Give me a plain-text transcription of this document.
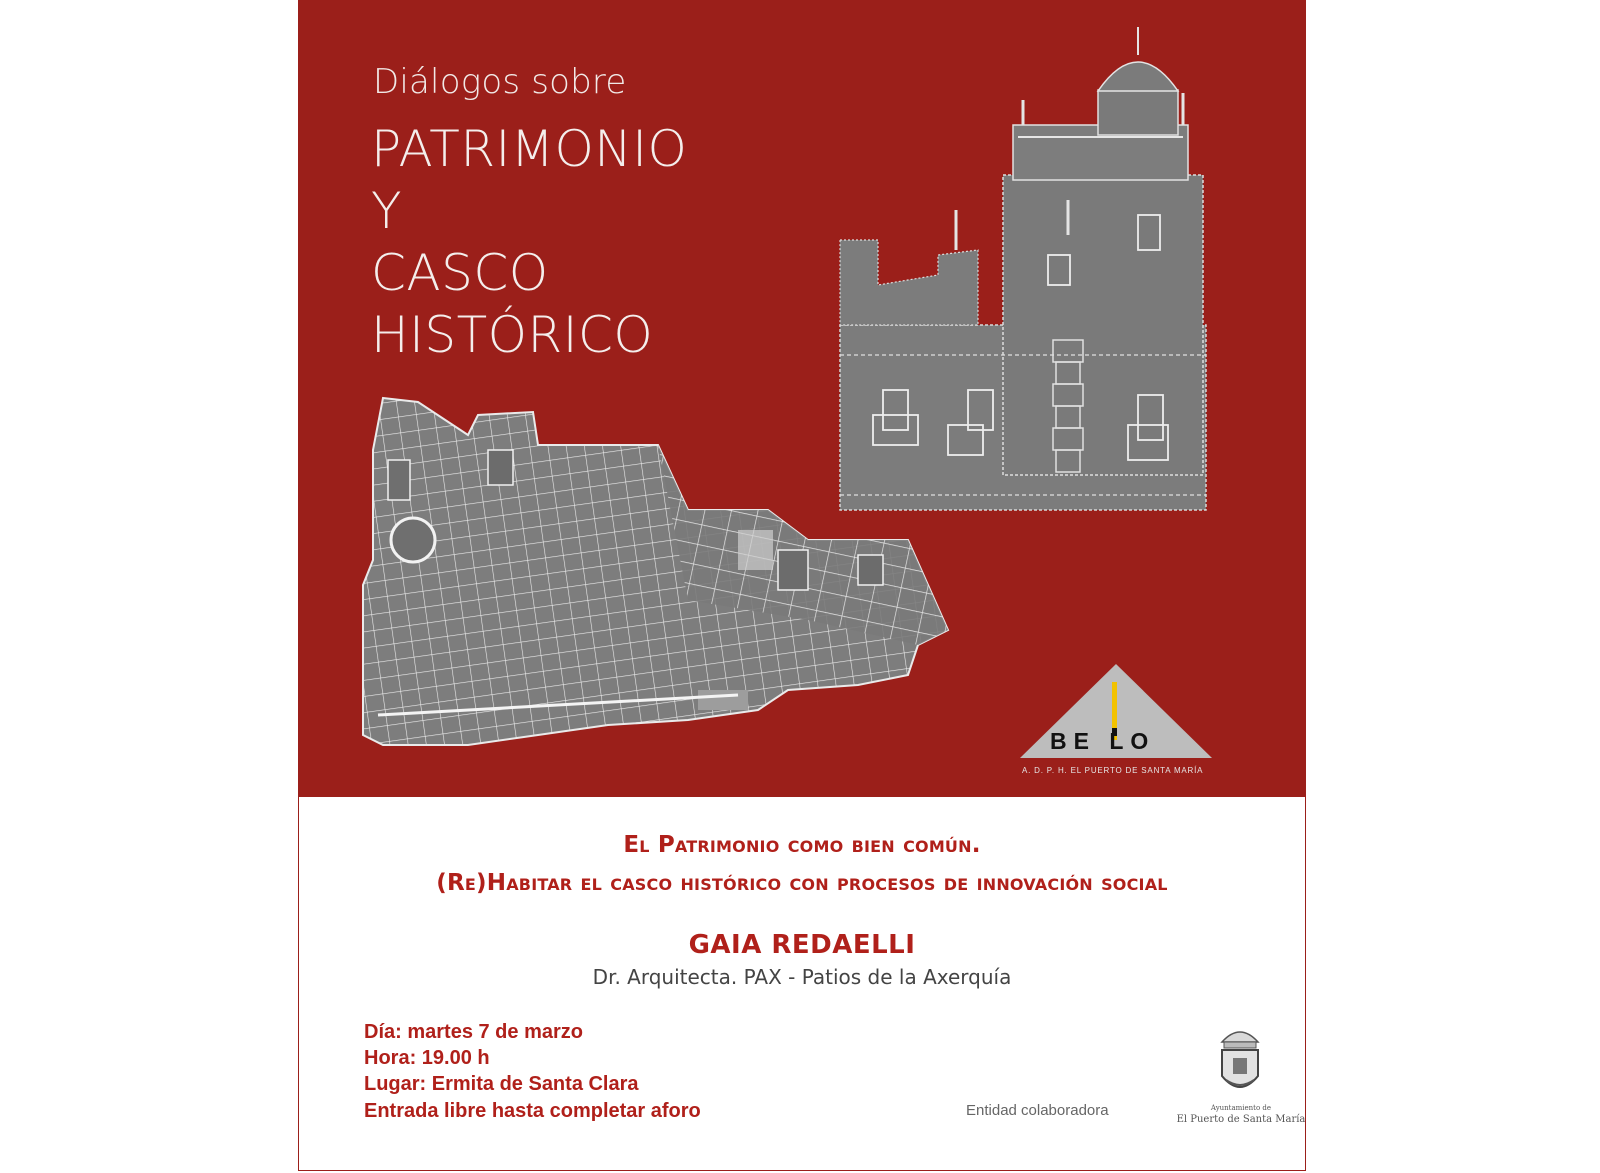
Diálogos sobre
PATRIMONIO
Y
CASCO
HISTÓRICO
BE LO
A. D. P. H. EL PUERTO DE SANTA MARÍA
El Patrimonio como bien común.
(Re)Habitar el casco histórico con procesos de innovación social
GAIA REDAELLI
Dr. Arquitecta. PAX - Patios de la Axerquía
Día: martes 7 de marzo
Hora: 19.00 h
Lugar: Ermita de Santa Clara
Entrada libre hasta completar aforo	Entidad colaboradora	Ayuntamiento de
El Puerto de Santa María
